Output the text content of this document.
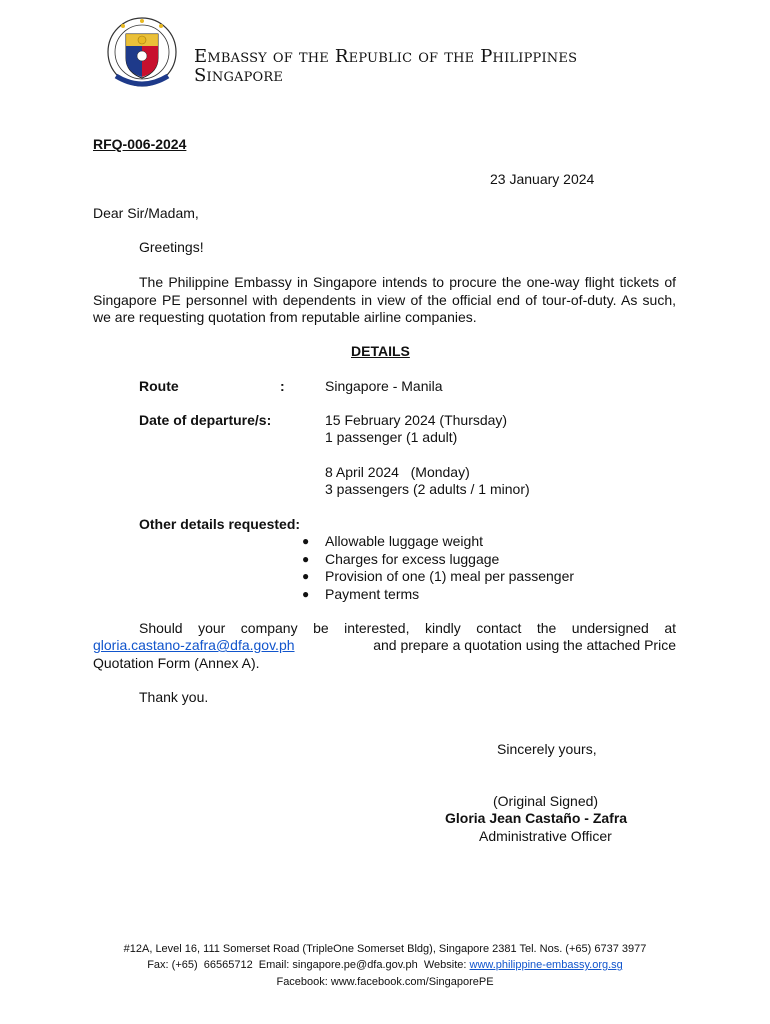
Embassy of the Republic of the Philippines
Singapore
RFQ-006-2024
23 January 2024
Dear Sir/Madam,
Greetings!
The Philippine Embassy in Singapore intends to procure the one-way flight tickets of Singapore PE personnel with dependents in view of the official end of tour-of-duty. As such, we are requesting quotation from reputable airline companies.
DETAILS
Route	:	Singapore - Manila
Date of departure/s:	15 February 2024 (Thursday)
1 passenger (1 adult)
8 April 2024   (Monday)
3 passengers (2 adults / 1 minor)
Other details requested:
● Allowable luggage weight
● Charges for excess luggage
● Provision of one (1) meal per passenger
● Payment terms
Should your company be interested, kindly contact the undersigned at
gloria.castano-zafra@dfa.gov.ph	and prepare a quotation using the attached Price
Quotation Form (Annex A).
Thank you.
Sincerely yours,
(Original Signed)
Gloria Jean Castaño - Zafra
Administrative Officer
#12A, Level 16, 111 Somerset Road (TripleOne Somerset Bldg), Singapore 2381 Tel. Nos. (+65) 6737 3977
Fax: (+65)  66565712  Email: singapore.pe@dfa.gov.ph  Website: www.philippine-embassy.org.sg
Facebook: www.facebook.com/SingaporePE
